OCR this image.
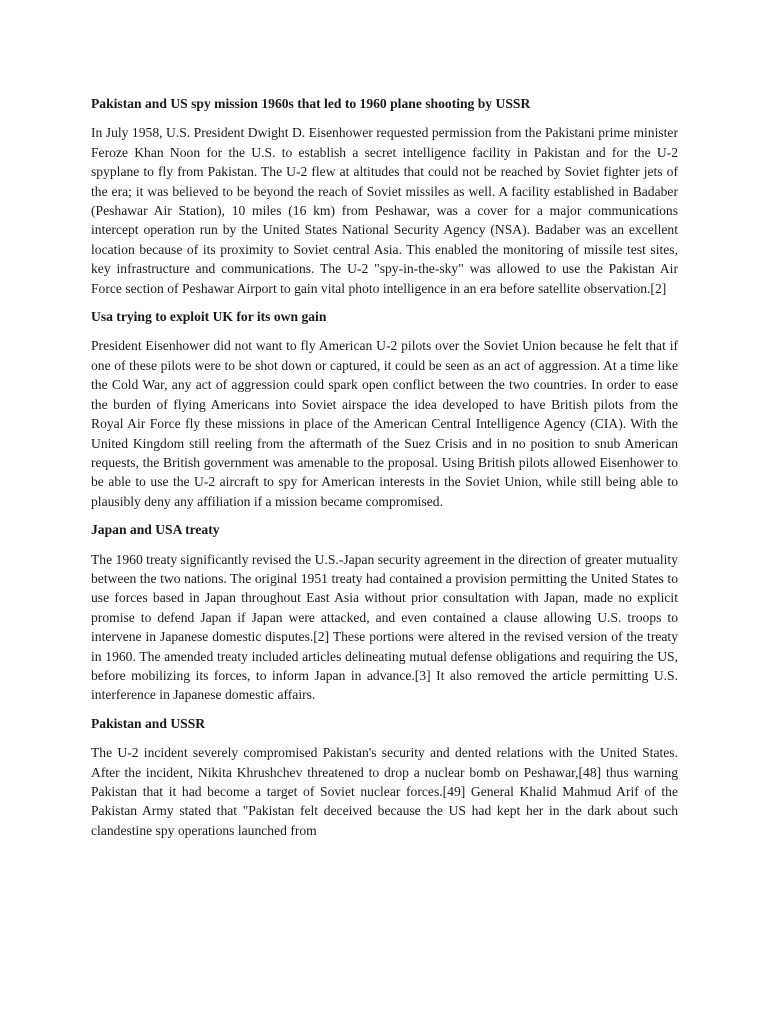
Pakistan and US spy mission 1960s that led to 1960 plane shooting by USSR
In July 1958, U.S. President Dwight D. Eisenhower requested permission from the Pakistani prime minister Feroze Khan Noon for the U.S. to establish a secret intelligence facility in Pakistan and for the U-2 spyplane to fly from Pakistan. The U-2 flew at altitudes that could not be reached by Soviet fighter jets of the era; it was believed to be beyond the reach of Soviet missiles as well. A facility established in Badaber (Peshawar Air Station), 10 miles (16 km) from Peshawar, was a cover for a major communications intercept operation run by the United States National Security Agency (NSA). Badaber was an excellent location because of its proximity to Soviet central Asia. This enabled the monitoring of missile test sites, key infrastructure and communications. The U-2 "spy-in-the-sky" was allowed to use the Pakistan Air Force section of Peshawar Airport to gain vital photo intelligence in an era before satellite observation.[2]
Usa trying to exploit UK for its own gain
President Eisenhower did not want to fly American U-2 pilots over the Soviet Union because he felt that if one of these pilots were to be shot down or captured, it could be seen as an act of aggression. At a time like the Cold War, any act of aggression could spark open conflict between the two countries. In order to ease the burden of flying Americans into Soviet airspace the idea developed to have British pilots from the Royal Air Force fly these missions in place of the American Central Intelligence Agency (CIA). With the United Kingdom still reeling from the aftermath of the Suez Crisis and in no position to snub American requests, the British government was amenable to the proposal. Using British pilots allowed Eisenhower to be able to use the U-2 aircraft to spy for American interests in the Soviet Union, while still being able to plausibly deny any affiliation if a mission became compromised.
Japan and USA treaty
The 1960 treaty significantly revised the U.S.-Japan security agreement in the direction of greater mutuality between the two nations. The original 1951 treaty had contained a provision permitting the United States to use forces based in Japan throughout East Asia without prior consultation with Japan, made no explicit promise to defend Japan if Japan were attacked, and even contained a clause allowing U.S. troops to intervene in Japanese domestic disputes.[2] These portions were altered in the revised version of the treaty in 1960. The amended treaty included articles delineating mutual defense obligations and requiring the US, before mobilizing its forces, to inform Japan in advance.[3] It also removed the article permitting U.S. interference in Japanese domestic affairs.
Pakistan and USSR
The U-2 incident severely compromised Pakistan's security and dented relations with the United States. After the incident, Nikita Khrushchev threatened to drop a nuclear bomb on Peshawar,[48] thus warning Pakistan that it had become a target of Soviet nuclear forces.[49] General Khalid Mahmud Arif of the Pakistan Army stated that "Pakistan felt deceived because the US had kept her in the dark about such clandestine spy operations launched from
